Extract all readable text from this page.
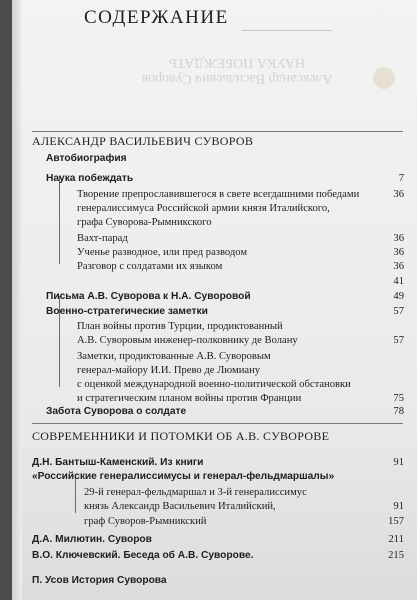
Александр Васильевич Суворов
НАУКА ПОБЕЖДАТЬ
СОДЕРЖАНИЕ
АЛЕКСАНДР ВАСИЛЬЕВИЧ СУВОРОВ
Автобиография
Наука побеждать	7
Творение препрославившегося в свете всегдашними победами	36
генералиссимуса Российской армии князя Италийского,
графа Суворова-Рымникского
Вахт-парад	36
Ученье разводное, или пред разводом	36
Разговор с солдатами их языком	36
41
Письма А.В. Суворова к Н.А. Суворовой	49
Военно-стратегические заметки	57
План войны против Турции, продиктованный
А.В. Суворовым инженер-полковнику де Волану	57
Заметки, продиктованные А.В. Суворовым
генерал-майору И.И. Прево де Люмиану
с оценкой международной военно-политической обстановки
и стратегическим планом войны против Франции	75
Забота Суворова о солдате	78
СОВРЕМЕННИКИ И ПОТОМКИ ОБ А.В. СУВОРОВЕ
Д.Н. Бантыш-Каменский. Из книги	91
«Российские генералиссимусы и генерал-фельдмаршалы»
29-й генерал-фельдмаршал и 3-й генералиссимус
князь Александр Васильевич Италийский,	91
граф Суворов-Рымникский	157
Д.А. Милютин. Суворов	211
В.О. Ключевский. Беседа об А.В. Суворове.	215
П. Усов История Суворова
